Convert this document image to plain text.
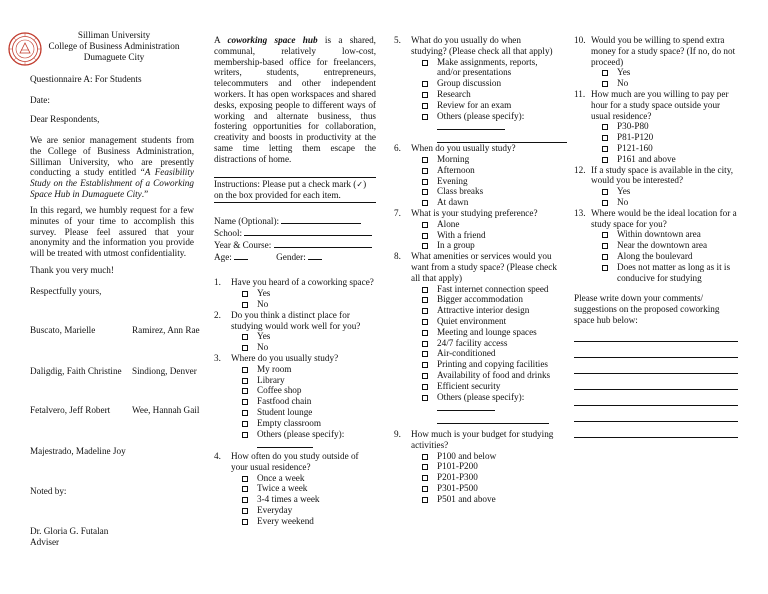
Silliman University
College of Business Administration
Dumaguete City
Questionnaire A: For Students
Date:
Dear Respondents,
We are senior management students from the College of Business Administration, Silliman University, who are presently conducting a study entitled “A Feasibility Study on the Establishment of a Coworking Space Hub in Dumaguete City.”
In this regard, we humbly request for a few minutes of your time to accomplish this survey. Please feel assured that your anonymity and the information you provide will be treated with utmost confidentiality.
Thank you very much!
Respectfully yours,
Buscato, Marielle	Ramirez, Ann Rae
Daligdig, Faith Christine Sindiong, Denver
Fetalvero, Jeff Robert Wee, Hannah Gail
Majestrado, Madeline Joy
Noted by:
Dr. Gloria G. Futalan
Adviser
A coworking space hub is a shared, communal, relatively low-cost, membership-based office for freelancers, writers, students, entrepreneurs, telecommuters and other independent workers. It has open workspaces and shared desks, exposing people to different ways of working and alternate business, thus fostering opportunities for collaboration, creativity and boosts in productivity at the same time letting them escape the distractions of home.
Instructions: Please put a check mark (✓) on the box provided for each item.
Name (Optional):
School:
Year & Course:
Age:	Gender:
1. Have you heard of a coworking space?
Yes
No
2. Do you think a distinct place for studying would work well for you?
Yes
No
3. Where do you usually study?
My room
Library
Coffee shop
Fastfood chain
Student lounge
Empty classroom
Others (please specify):
4. How often do you study outside of your usual residence?
Once a week
Twice a week
3-4 times a week
Everyday
Every weekend
5. What do you usually do when studying? (Please check all that apply)
Make assignments, reports, and/or presentations
Group discussion
Research
Review for an exam
Others (please specify):
6. When do you usually study?
Morning
Afternoon
Evening
Class breaks
At dawn
7. What is your studying preference?
Alone
With a friend
In a group
8. What amenities or services would you want from a study space? (Please check all that apply)
Fast internet connection speed
Bigger accommodation
Attractive interior design
Quiet environment
Meeting and lounge spaces
24/7 facility access
Air-conditioned
Printing and copying facilities
Availability of food and drinks
Efficient security
Others (please specify):
9. How much is your budget for studying activities?
P100 and below
P101-P200
P201-P300
P301-P500
P501 and above
10. Would you be willing to spend extra money for a study space? (If no, do not proceed)
Yes
No
11. How much are you willing to pay per hour for a study space outside your usual residence?
P30-P80
P81-P120
P121-160
P161 and above
12. If a study space is available in the city, would you be interested?
Yes
No
13. Where would be the ideal location for a study space for you?
Within downtown area
Near the downtown area
Along the boulevard
Does not matter as long as it is conducive for studying
Please write down your comments/ suggestions on the proposed coworking space hub below:
